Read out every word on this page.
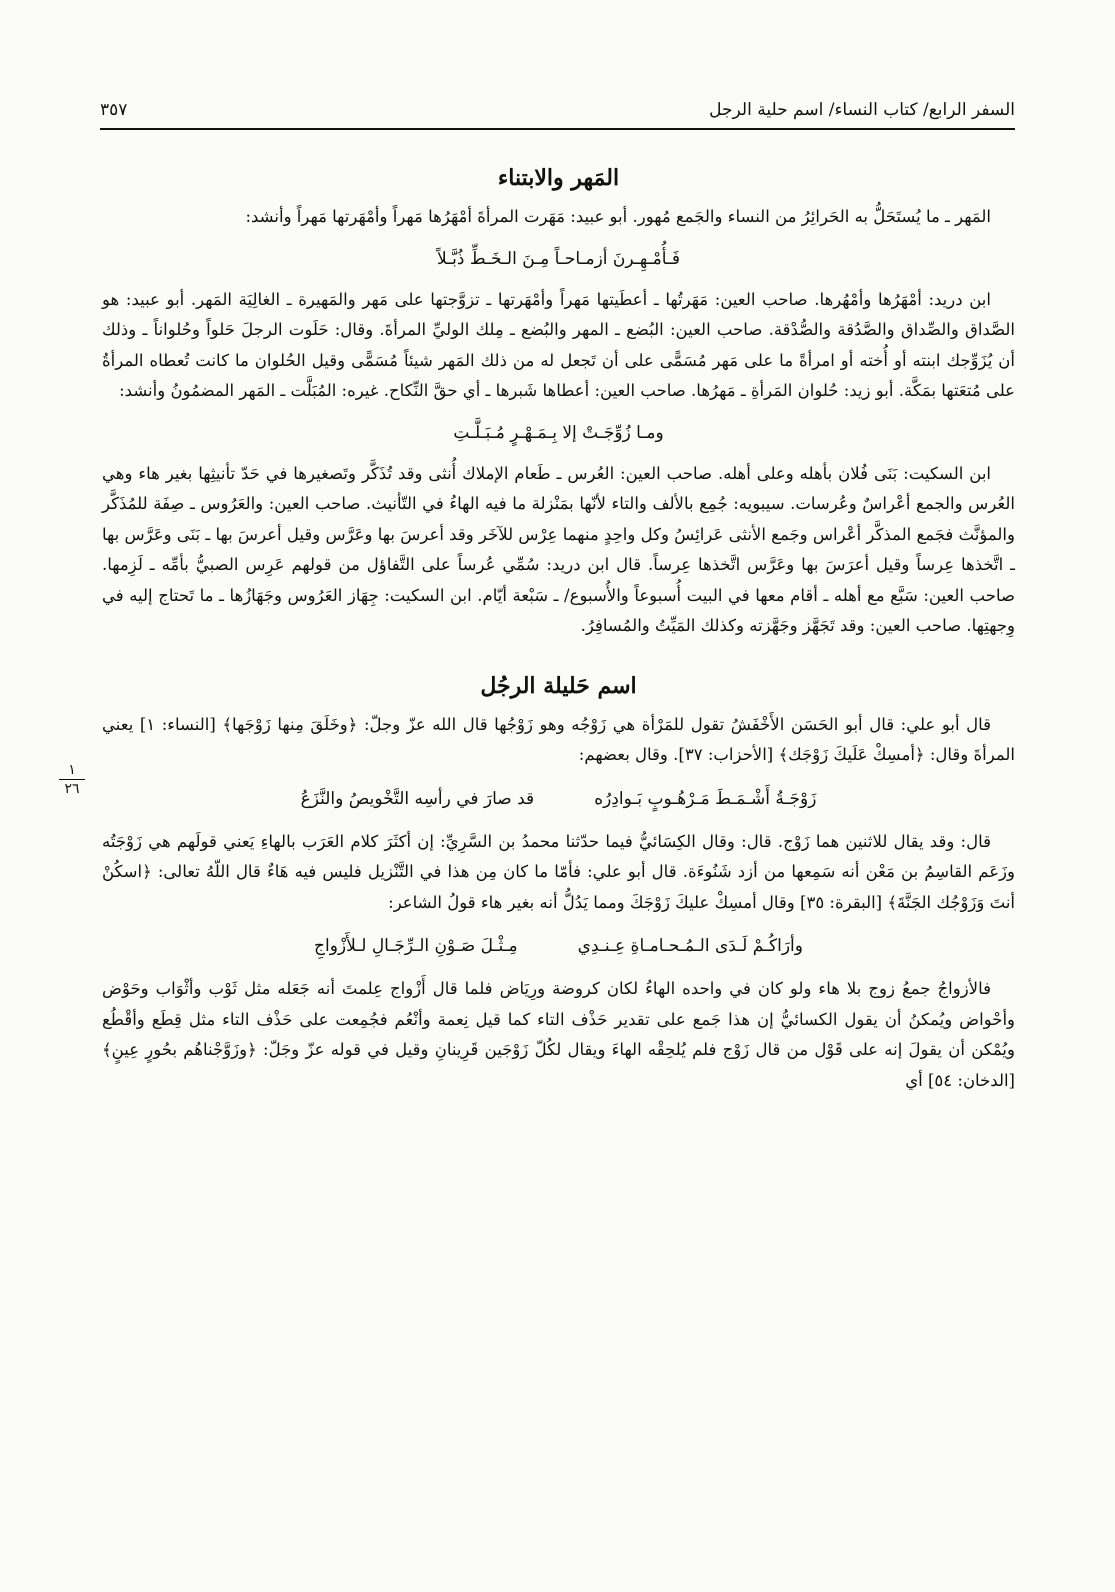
السفر الرابع/ كتاب النساء/ اسم حلية الرجل
٣٥٧
١
٢٦
المَهر والابتناء

المَهر ـ ما يُستَحَلُّ به الحَرائِرُ من النساء والجَمع مُهور. أبو عبيد: مَهَرت المرأةَ أمْهَرُها مَهراً وأمْهَرتها مَهراً وأنشد:

فَـأُمْـهِـرنَ أزمـاحـاً مِـنَ الـخَـطِّ ذُبَّـلاً

ابن دريد: أمْهَرُها وأمْهُرها. صاحب العين: مَهَرتُها ـ أعطَيتها مَهراً وأمْهَرتها ـ تزوَّجتها على مَهر والمَهيرة ـ الغالِيَة المَهر. أبو عبيد: هو الصَّداق والصِّداق والصَّدُقة والصُّدْقة. صاحب العين: البُضع ـ المهر والبُضع ـ مِلك الوليِّ المرأةَ. وقال: حَلَوت الرجلَ حَلواً وحُلواناً ـ وذلك أن يُزَوِّجك ابنته أو أُخته أو امرأةً ما على مَهر مُسَمًّى على أن تَجعل له من ذلك المَهر شيئاً مُسَمًّى وقيل الحُلوان ما كانت تُعطاه المرأةُ على مُتعَتها بمَكَّة. أبو زيد: حُلوان المَرأةِ ـ مَهرُها. صاحب العين: أعطاها شَبرها ـ أي حقَّ النِّكاح. غيره: المُبَلَّت ـ المَهر المضمُونُ وأنشد:

ومـا زُوِّجَـتْ إلا بِـمَـهْـرٍ مُـبَـلَّـتِ

ابن السكيت: بَنَى فُلان بأهله وعلى أهله. صاحب العين: العُرس ـ طَعام الإملاك أُنثى وقد تُذَكَّر وتَصغيرها في حَدّ تأنيثِها بغير هاء وهي العُرس والجمع أعْراسٌ وعُرسات. سيبويه: جُمِع بالألف والتاء لأنّها بمَنْزلة ما فيه الهاءُ في التّأنيث. صاحب العين: والعَرُوس ـ صِفَة للمُذَكَّر والمؤنَّث فجَمع المذكَّر أعْراس وجَمع الأنثى عَرائِسُ وكل واحِدٍ منهما عِرْس للآخَر وقد أعرسَ بها وعَرَّس وقيل أعرسَ بها ـ بَنَى وعَرَّس بها ـ اتَّخذها عِرساً وقيل أعرَسَ بها وعَرَّس اتَّخذها عِرساً. قال ابن دريد: سُمِّي عُرساً على التَّفاؤل من قولهم عَرِس الصبيُّ بأمِّه ـ لَزِمها. صاحب العين: سَبَّع مع أهله ـ أقام معها في البيت أُسبوعاً والأُسبوع/ ـ سَبْعة أيّام. ابن السكيت: جِهَاز العَرُوس وجَهَازُها ـ ما تَحتاج إليه في وِجهتِها. صاحب العين: وقد تَجَهَّز وجَهَّزته وكذلك المَيِّتُ والمُسافِرُ.

اسم حَليلة الرجُل

قال أبو علي: قال أبو الحَسَن الأَخْفَشُ تقول للمَرْأة هي زَوْجُه وهو زَوْجُها قال الله عزّ وجلّ: ﴿وخَلَقَ مِنها زَوْجَها﴾ [النساء: ١] يعني المرأةَ وقال: ﴿أمسِكْ عَلَيكَ زَوْجَك﴾ [الأحزاب: ٣٧]. وقال بعضهم:

زَوْجَـةُ أَشْـمَـطَ مَـرْهُـوبٍ بَـوادِرُه
قد صارَ في رأسِه التَّخْويصُ والنَّزَعُ

قال: وقد يقال للاثنين هما زَوْج. قال: وقال الكِسَائيُّ فيما حدّثنا محمدُ بن السَّرِيِّ: إن أكثَرَ كلام العَرَب بالهاءِ يَعني قولَهم هي زَوْجَتُه وزَعَم القاسِمُ بن مَعْن أنه سَمِعها من أزد شَنُوءَة. قال أبو علي: فأمّا ما كان مِن هذا في التَّنْزيل فليس فيه هَاءٌ قال اللّهُ تعالى: ﴿اسكُنْ أنتَ وَزَوْجُك الجَنَّةَ﴾ [البقرة: ٣٥] وقال أمسِكْ عليكَ زَوْجَكَ ومما يَدُلُّ أنه بغير هاء قولُ الشاعر:

وأرَاكُـمْ لَـدَى الـمُـحـامـاةِ عِـنـدِي
مِـثْـلَ صَـوْنِ الـرِّجَـالِ لـلأَزْواجِ

فالأزواجُ جمعُ زوج بلا هاء ولو كان في واحده الهاءُ لكان كروضة ورِيَاض فلما قال أَزْواج عِلمتَ أنه جَعَله مثل ثَوْب وأثْوَاب وحَوْض وأحْواض ويُمكنُ أن يقول الكسائيُّ إن هذا جَمع على تقدير حَذْف التاء كما قيل نِعمة وأنْعُم فجُمِعت على حَذْف التاء مثل قِطَع وأقْطُع ويُمْكن أن يقولَ إنه على قَوْل من قال زَوْج فلم يُلحِقْه الهاءَ ويقال لكُلّ زَوْجَين قَرِينانِ وقيل في قوله عزّ وجَلّ: ﴿وزَوَّجْناهُم بحُورٍ عِينٍ﴾ [الدخان: ٥٤] أي
